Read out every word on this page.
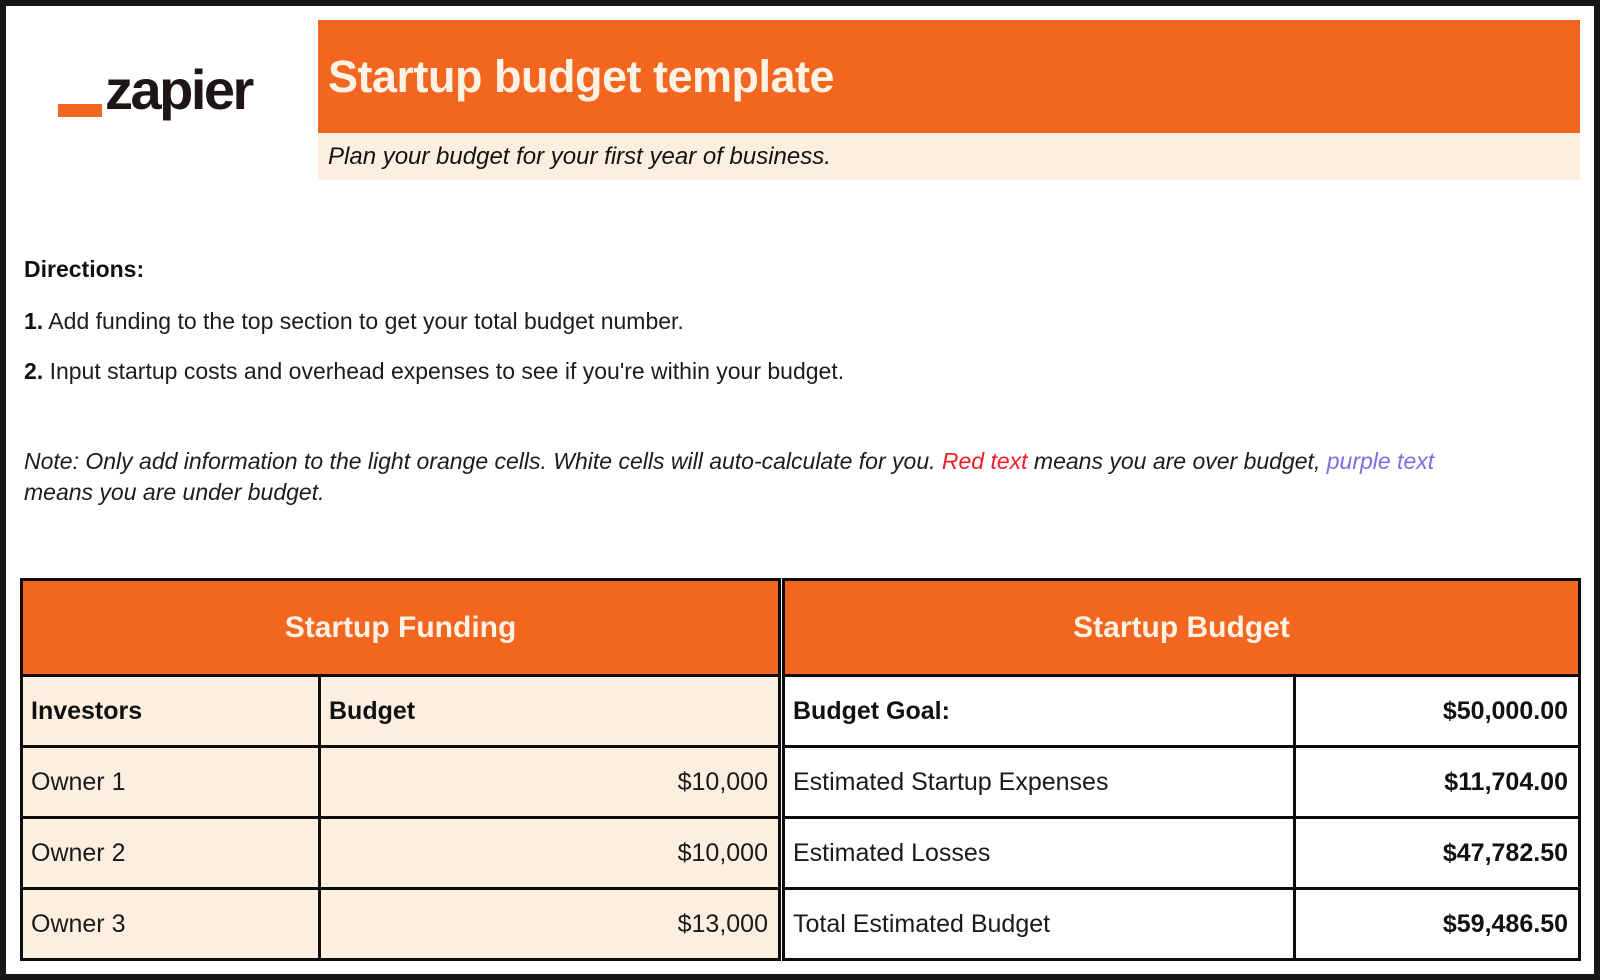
zapier Startup budget template
Plan your budget for your first year of business.
Directions:
1. Add funding to the top section to get your total budget number.
2. Input startup costs and overhead expenses to see if you're within your budget.
Note: Only add information to the light orange cells. White cells will auto-calculate for you. Red text means you are over budget, purple text means you are under budget.
Startup Funding	
Investors	Budget
Owner 1	$10,000
Owner 2	$10,000
Owner 3	$13,000
Startup Budget	
Budget Goal:	$50,000.00
Estimated Startup Expenses	$11,704.00
Estimated Losses	$47,782.50
Total Estimated Budget	$59,486.50
